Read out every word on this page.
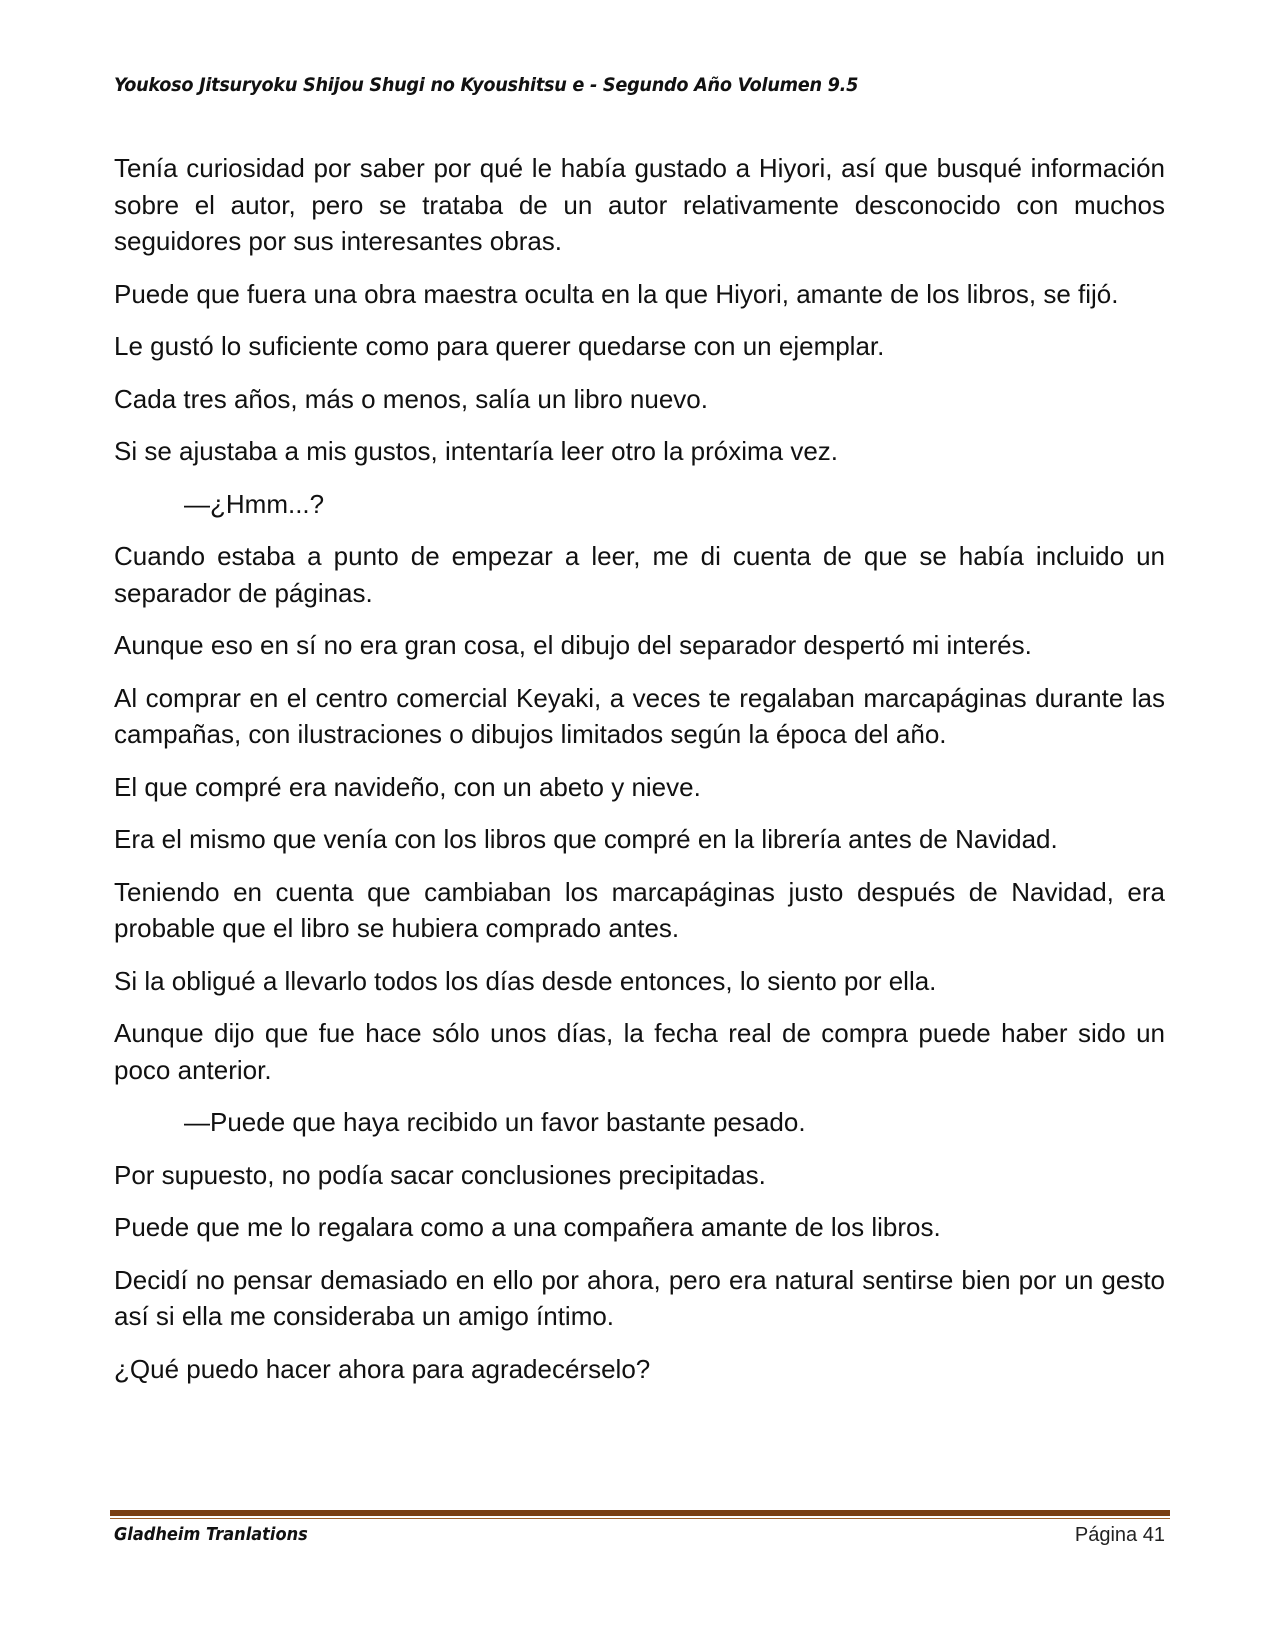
Youkoso Jitsuryoku Shijou Shugi no Kyoushitsu e - Segundo Año Volumen 9.5

Tenía curiosidad por saber por qué le había gustado a Hiyori, así que busqué información sobre el autor, pero se trataba de un autor relativamente desconocido con muchos seguidores por sus interesantes obras.

Puede que fuera una obra maestra oculta en la que Hiyori, amante de los libros, se fijó.

Le gustó lo suficiente como para querer quedarse con un ejemplar.

Cada tres años, más o menos, salía un libro nuevo.

Si se ajustaba a mis gustos, intentaría leer otro la próxima vez.

—¿Hmm...?

Cuando estaba a punto de empezar a leer, me di cuenta de que se había incluido un separador de páginas.

Aunque eso en sí no era gran cosa, el dibujo del separador despertó mi interés.

Al comprar en el centro comercial Keyaki, a veces te regalaban marcapáginas durante las campañas, con ilustraciones o dibujos limitados según la época del año.

El que compré era navideño, con un abeto y nieve.

Era el mismo que venía con los libros que compré en la librería antes de Navidad.

Teniendo en cuenta que cambiaban los marcapáginas justo después de Navidad, era probable que el libro se hubiera comprado antes.

Si la obligué a llevarlo todos los días desde entonces, lo siento por ella.

Aunque dijo que fue hace sólo unos días, la fecha real de compra puede haber sido un poco anterior.

—Puede que haya recibido un favor bastante pesado.

Por supuesto, no podía sacar conclusiones precipitadas.

Puede que me lo regalara como a una compañera amante de los libros.

Decidí no pensar demasiado en ello por ahora, pero era natural sentirse bien por un gesto así si ella me consideraba un amigo íntimo.

¿Qué puedo hacer ahora para agradecérselo?

Gladheim Tranlations	Página 41
